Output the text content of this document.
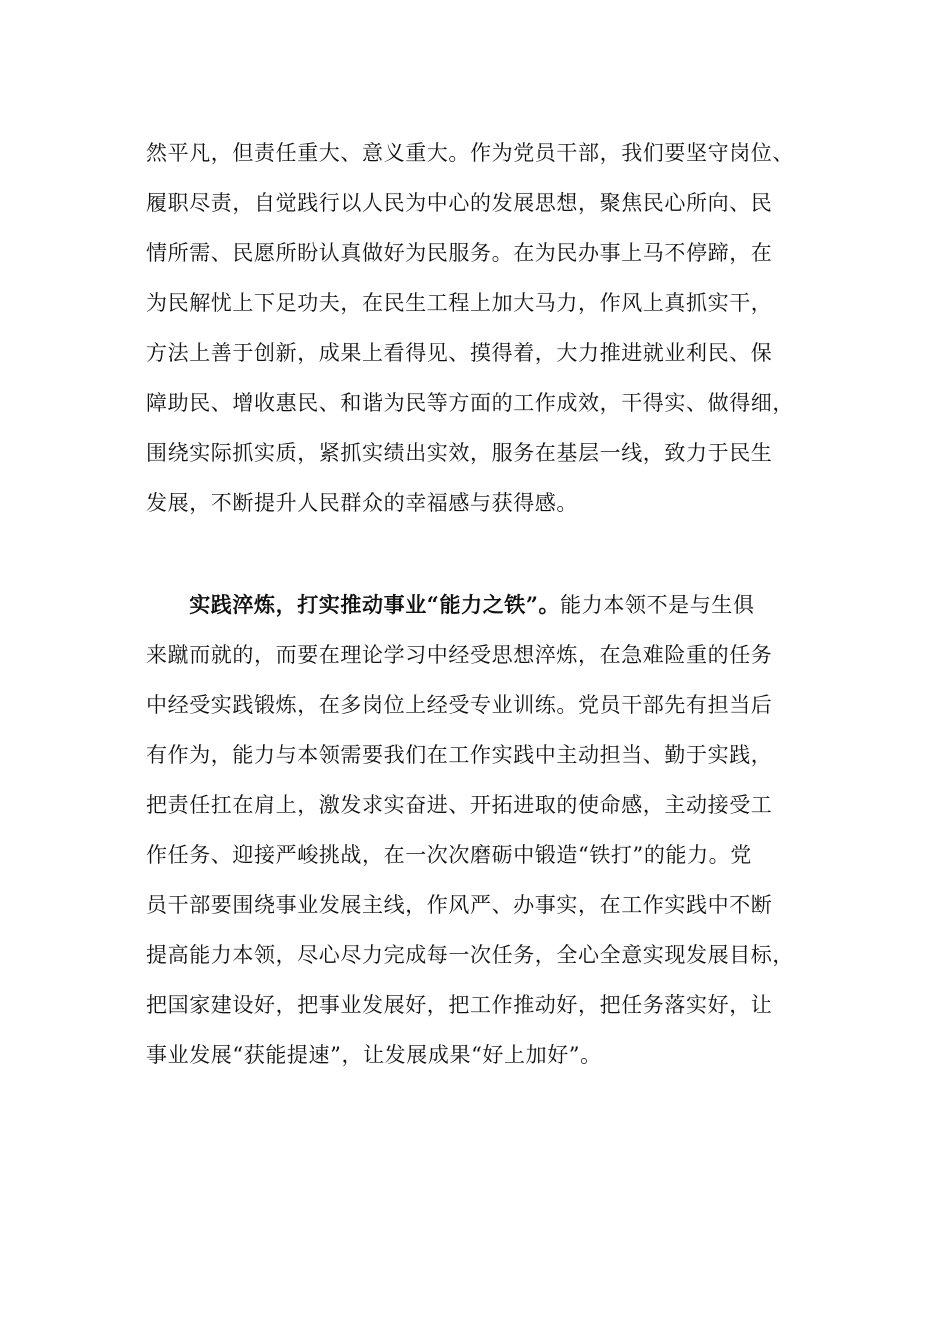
然平凡，但责任重大、意义重大。作为党员干部，我们要坚守岗位、
履职尽责，自觉践行以人民为中心的发展思想，聚焦民心所向、民
情所需、民愿所盼认真做好为民服务。在为民办事上马不停蹄，在
为民解忧上下足功夫，在民生工程上加大马力，作风上真抓实干，
方法上善于创新，成果上看得见、摸得着，大力推进就业利民、保
障助民、增收惠民、和谐为民等方面的工作成效，干得实、做得细，
围绕实际抓实质，紧抓实绩出实效，服务在基层一线，致力于民生
发展，不断提升人民群众的幸福感与获得感。
　　实践淬炼，打实推动事业“能力之铁”。能力本领不是与生俱
来蹴而就的，而要在理论学习中经受思想淬炼，在急难险重的任务
中经受实践锻炼，在多岗位上经受专业训练。党员干部先有担当后
有作为，能力与本领需要我们在工作实践中主动担当、勤于实践，
把责任扛在肩上，激发求实奋进、开拓进取的使命感，主动接受工
作任务、迎接严峻挑战，在一次次磨砺中锻造“铁打”的能力。党
员干部要围绕事业发展主线，作风严、办事实，在工作实践中不断
提高能力本领，尽心尽力完成每一次任务，全心全意实现发展目标，
把国家建设好，把事业发展好，把工作推动好，把任务落实好，让
事业发展“获能提速”，让发展成果“好上加好”。
